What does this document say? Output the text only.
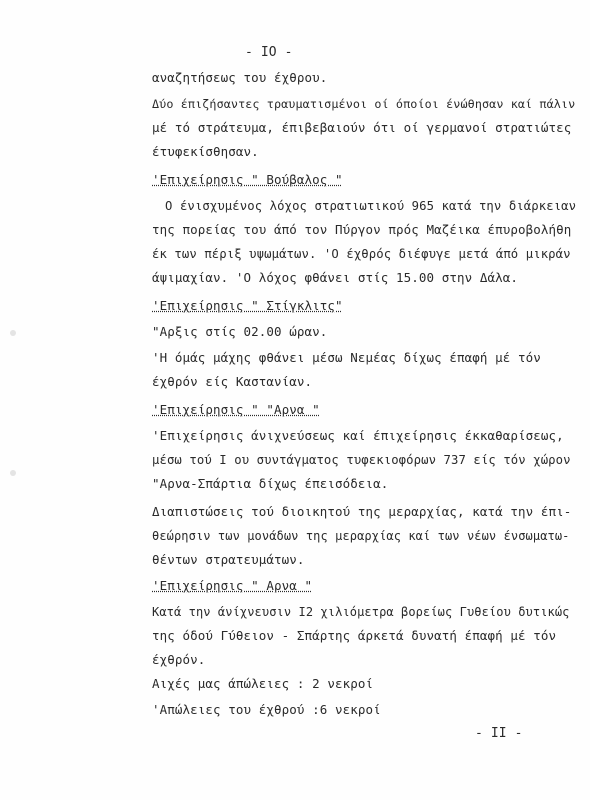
- IO -
αναζητήσεως του έχθρου.
Δύο έπιζήσαντες τραυματισμένοι οί όποίοι ένώθησαν καί πάλιν
μέ τό στράτευμα, έπιβεβαιούν ότι οί γερμανοί στρατιώτες
έτυφεκίσθησαν.
'Επιχείρησις " Βούβαλος "
Ο ένισχυμένος λόχος στρατιωτικού 965 κατά την διάρκειαν
της πορείας του άπό τον Πύργον πρός Μαζέικα έπυροβολήθη
έκ των πέριξ υψωμάτων. 'Ο έχθρός διέφυγε μετά άπό μικράν
άψιμαχίαν. 'Ο λόχος φθάνει στίς 15.00 στην Δάλα.
'Επιχείρησις " Στίγκλιτς"
"Αρξις στίς 02.00 ώραν.
'Η όμάς μάχης φθάνει μέσω Νεμέας δίχως έπαφή μέ τόν
έχθρόν είς Καστανίαν.
'Επιχείρησις " "Αρνα "
'Επιχείρησις άνιχνεύσεως καί έπιχείρησις έκκαθαρίσεως,
μέσω τού Ι ου συντάγματος τυφεκιοφόρων 737 είς τόν χώρον
"Αρνα-Σπάρτια δίχως έπεισόδεια.
Διαπιστώσεις τού διοικητού της μεραρχίας, κατά την έπι-
θεώρησιν των μονάδων της μεραρχίας καί των νέων ένσωματω-
θέντων στρατευμάτων.
'Επιχείρησις " Αρνα "
Κατά την άνίχνευσιν Ι2 χιλιόμετρα βορείως Γυθείου δυτικώς
της όδού Γύθειον - Σπάρτης άρκετά δυνατή έπαφή μέ τόν
έχθρόν.
Αιχές μας άπώλειες : 2 νεκροί
'Απώλειες του έχθρού :6 νεκροί
- II -
